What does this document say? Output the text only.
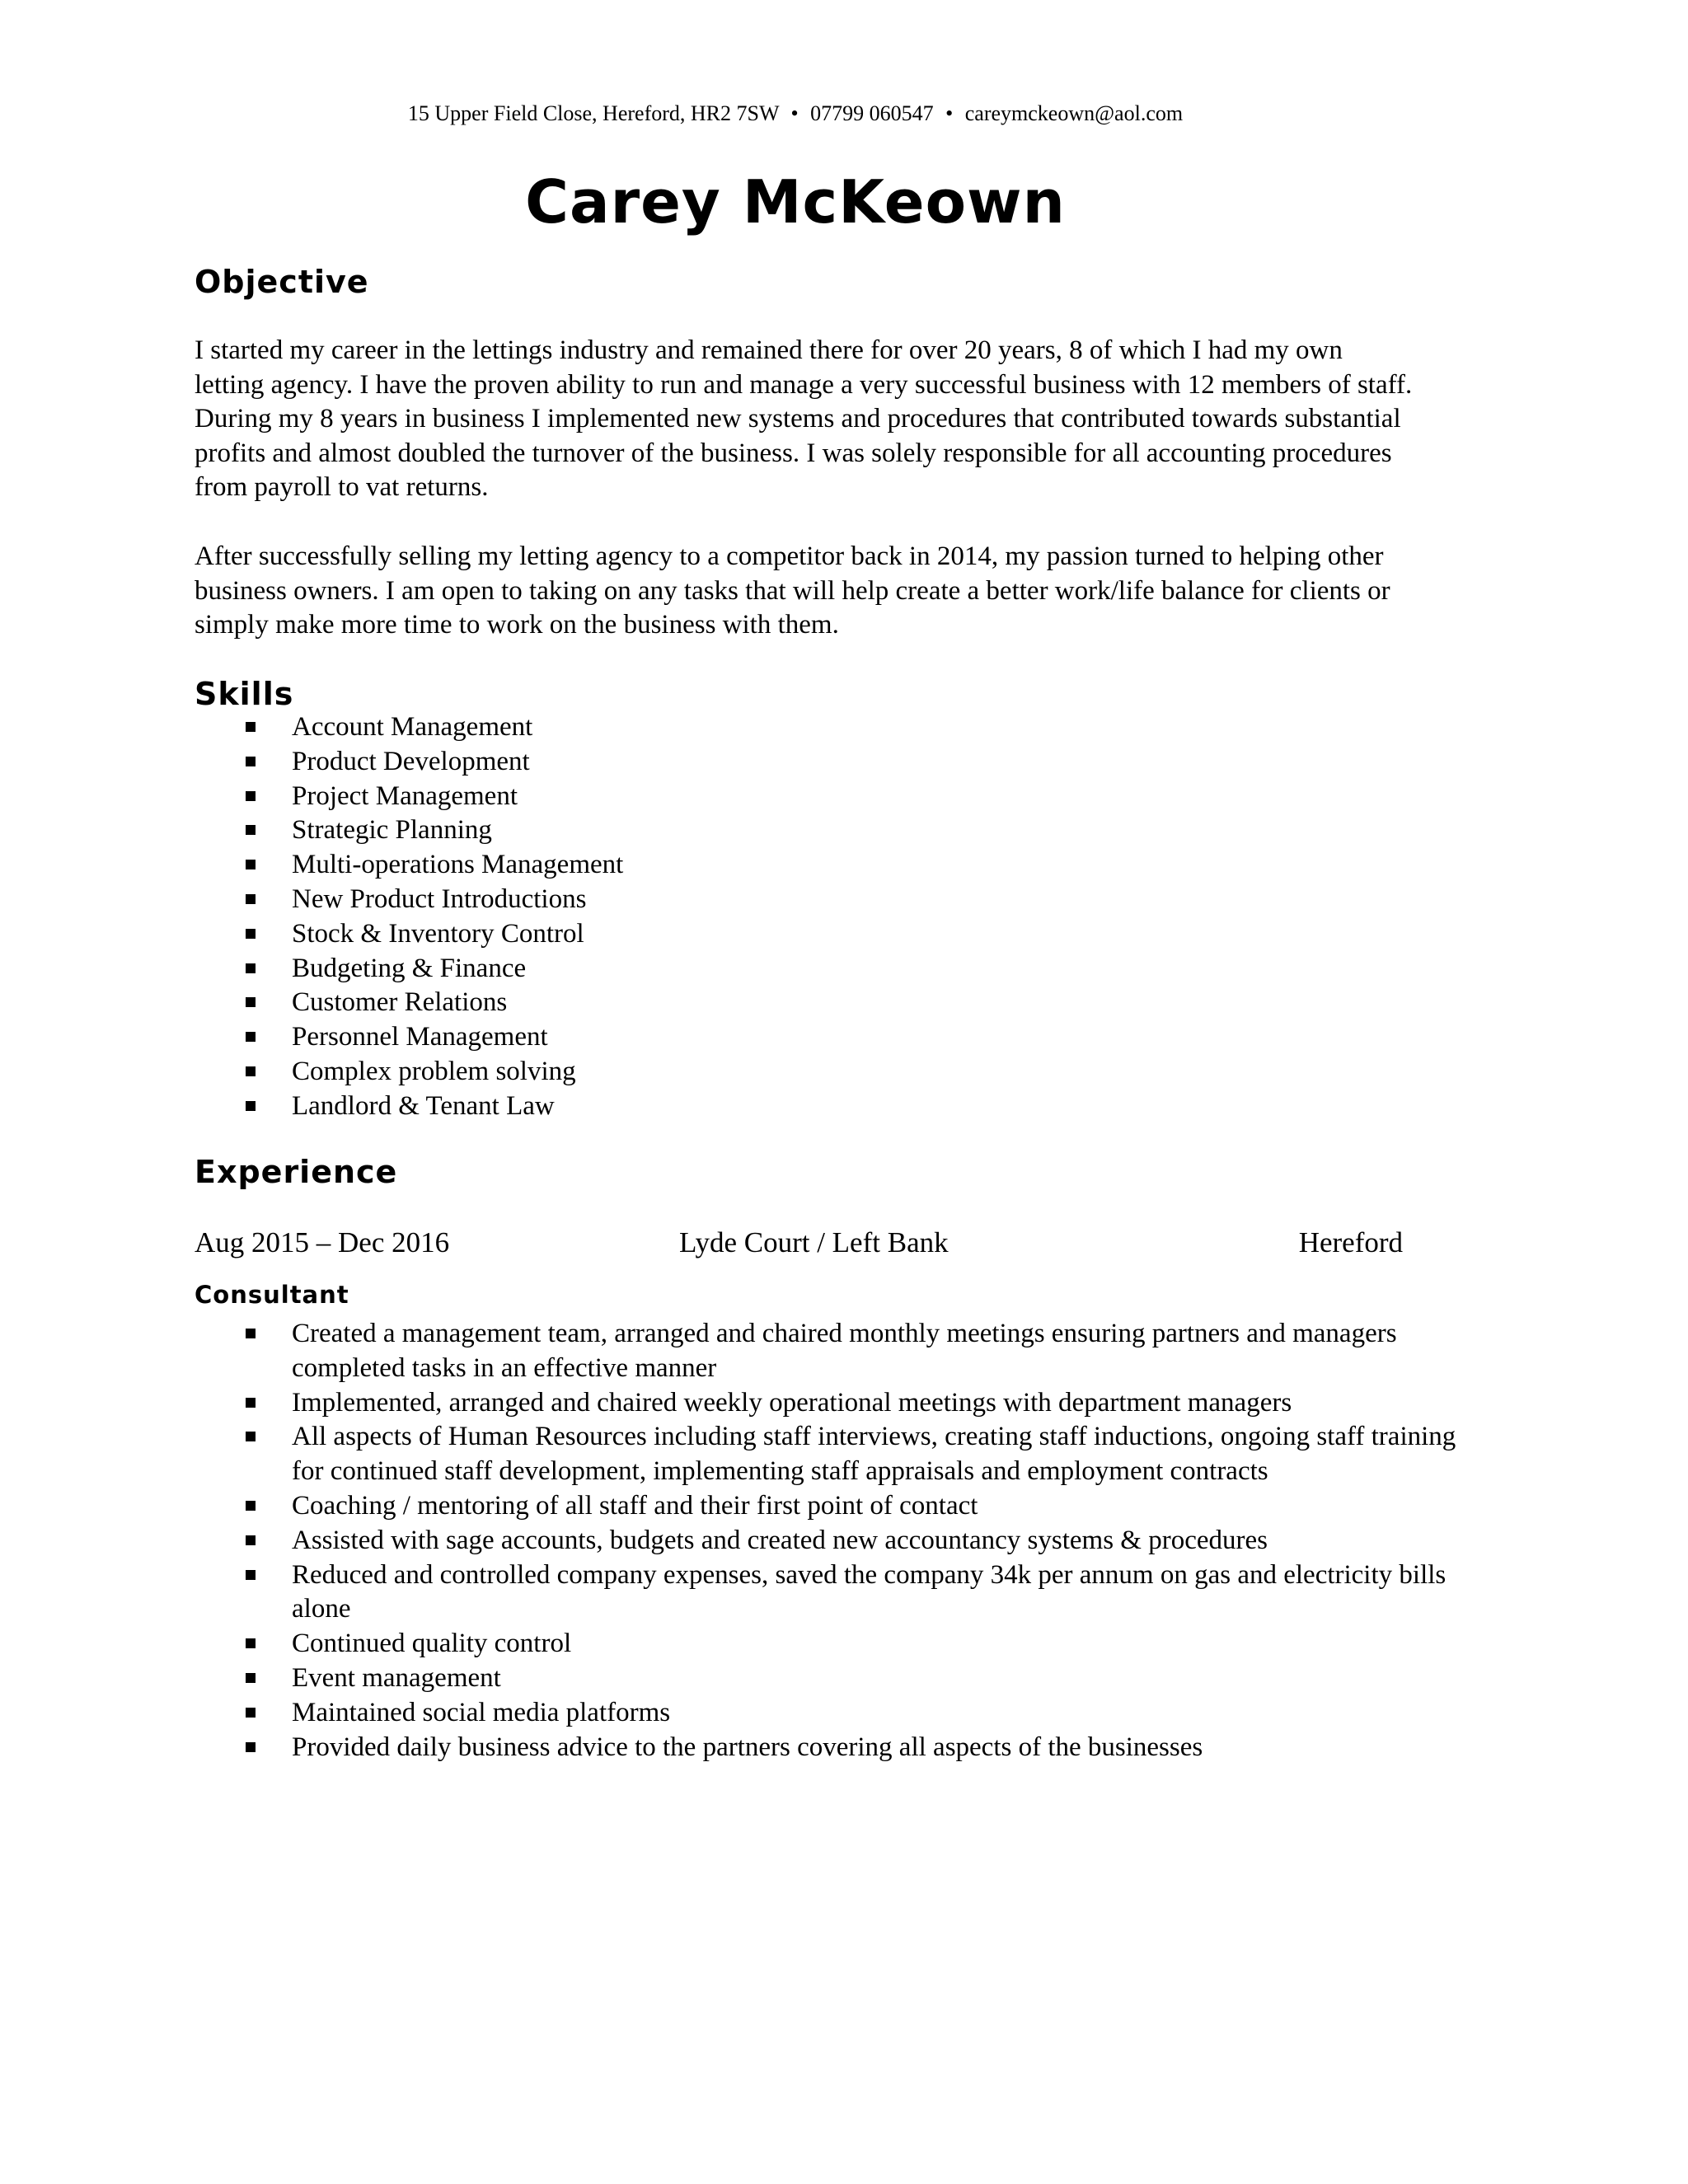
15 Upper Field Close, Hereford, HR2 7SW • 07799 060547 • careymckeown@aol.com
Carey McKeown
Objective
I started my career in the lettings industry and remained there for over 20 years, 8 of which I had my own letting agency. I have the proven ability to run and manage a very successful business with 12 members of staff. During my 8 years in business I implemented new systems and procedures that contributed towards substantial profits and almost doubled the turnover of the business. I was solely responsible for all accounting procedures from payroll to vat returns.
After successfully selling my letting agency to a competitor back in 2014, my passion turned to helping other business owners. I am open to taking on any tasks that will help create a better work/life balance for clients or simply make more time to work on the business with them.
Skills
Account Management
Product Development
Project Management
Strategic Planning
Multi-operations Management
New Product Introductions
Stock & Inventory Control
Budgeting & Finance
Customer Relations
Personnel Management
Complex problem solving
Landlord & Tenant Law
Experience
Aug 2015 – Dec 2016	Lyde Court / Left Bank	Hereford
Consultant
Created a management team, arranged and chaired monthly meetings ensuring partners and managers completed tasks in an effective manner
Implemented, arranged and chaired weekly operational meetings with department managers
All aspects of Human Resources including staff interviews, creating staff inductions, ongoing staff training for continued staff development, implementing staff appraisals and employment contracts
Coaching / mentoring of all staff and their first point of contact
Assisted with sage accounts, budgets and created new accountancy systems & procedures
Reduced and controlled company expenses, saved the company 34k per annum on gas and electricity bills alone
Continued quality control
Event management
Maintained social media platforms
Provided daily business advice to the partners covering all aspects of the businesses
